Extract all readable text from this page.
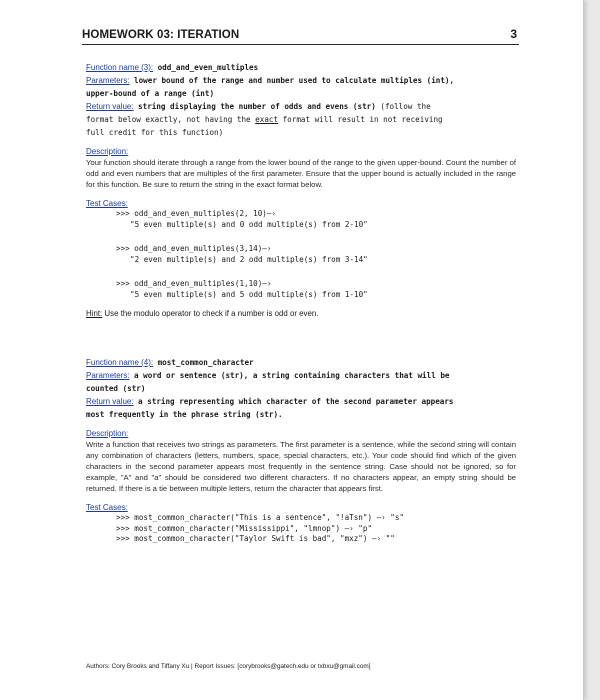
HOMEWORK 03: ITERATION	3
Function name (3): odd_and_even_multiples
Parameters: lower bound of the range and number used to calculate multiples (int),
upper-bound of a range (int)
Return value: string displaying the number of odds and evens (str) (follow the
format below exactly, not having the exact format will result in not receiving
full credit for this function)
Description:

Your function should iterate through a range from the lower bound of the range to the given upper-bound. Count the number of odd and even numbers that are multiples of the first parameter. Ensure that the upper bound is actually included in the range for this function. Be sure to return the string in the exact format below.

Test Cases:
>>> odd_and_even_multiples(2, 10)—›
"5 even multiple(s) and 0 odd multiple(s) from 2-10"
>>> odd_and_even_multiples(3,14)—›
"2 even multiple(s) and 2 odd multiple(s) from 3-14"
>>> odd_and_even_multiples(1,10)—›
"5 even multiple(s) and 5 odd multiple(s) from 1-10"
Hint: Use the modulo operator to check if a number is odd or even.
Function name (4): most_common_character
Parameters: a word or sentence (str), a string containing characters that will be
counted (str)
Return value: a string representing which character of the second parameter appears
most frequently in the phrase string (str).
Description:

Write a function that receives two strings as parameters. The first parameter is a sentence, while the second string will contain any combination of characters (letters, numbers, space, special characters, etc.). Your code should find which of the given characters in the second parameter appears most frequently in the sentence string. Case should not be ignored, so for example, "A" and "a" should be considered two different characters. If no characters appear, an empty string should be returned. If there is a tie between multiple letters, return the character that appears first.

Test Cases:
>>> most_common_character("This is a sentence", "!aTsn") —› "s"
>>> most_common_character("Mississippi", "lmnop") —› "p"
>>> most_common_character("Taylor Swift is bad", "mxz") —› ""
Authors: Cory Brooks and Tiffany Xu | Report Issues: [corybrooks@gatech.edu or txbxu@gmail.com]
